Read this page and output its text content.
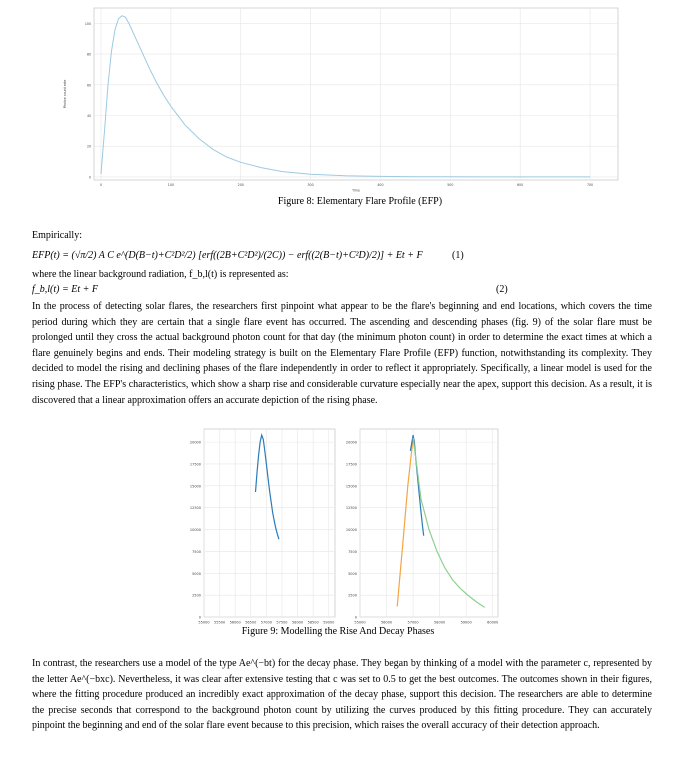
0
20
40
60
80
100
0	100	200	300	400	500	600	700
Time
Photon count rate
Figure 8: Elementary Flare Profile (EFP)
Empirically:
EFP(t) = (√π/2) A C e^(D(B−t)+C²D²/2) [erf((2B+C²D²)/(2C)) − erf((2(B−t)+C²D)/2)] + Et + F	(1)
where the linear background radiation, f_b,l(t) is represented as:
f_b,l(t) = Et + F	(2)
In the process of detecting solar flares, the researchers first pinpoint what appear to be the flare's beginning and end locations, which covers the time period during which they are certain that a single flare event has occurred. The ascending and descending phases (fig. 9) of the solar flare must be prolonged until they cross the actual background photon count for that day (the minimum photon count) in order to determine the exact times at which a flare genuinely begins and ends. Their modeling strategy is built on the Elementary Flare Profile (EFP) function, notwithstanding its complexity. They decided to model the rising and declining phases of the flare independently in order to reflect it appropriately. Specifically, a linear model is used for the rising phase. The EFP's characteristics, which show a sharp rise and considerable curvature especially near the apex, support this decision. As a result, it is discovered that a linear approximation offers an accurate depiction of the rising phase.
0
2500
5000
7500
10000
12500
15000
17500
20000
55000 55500 56000 56500 57000 57500 58000 58500 59000
0
2500
5000
7500
10000
12500
15000
17500
20000
55000	56000	57000	58000	59000	60000
Figure 9: Modelling the Rise And Decay Phases
In contrast, the researchers use a model of the type Ae^(−bt) for the decay phase. They began by thinking of a model with the parameter c, represented by the letter Ae^(−bxc). Nevertheless, it was clear after extensive testing that c was set to 0.5 to get the best outcomes. The outcomes shown in their figures, where the fitting procedure produced an incredibly exact approximation of the decay phase, support this decision. The researchers are able to determine the precise seconds that correspond to the background photon count by utilizing the curves produced by this fitting procedure. They can accurately pinpoint the beginning and end of the solar flare event because to this precision, which raises the overall accuracy of their detection approach.
